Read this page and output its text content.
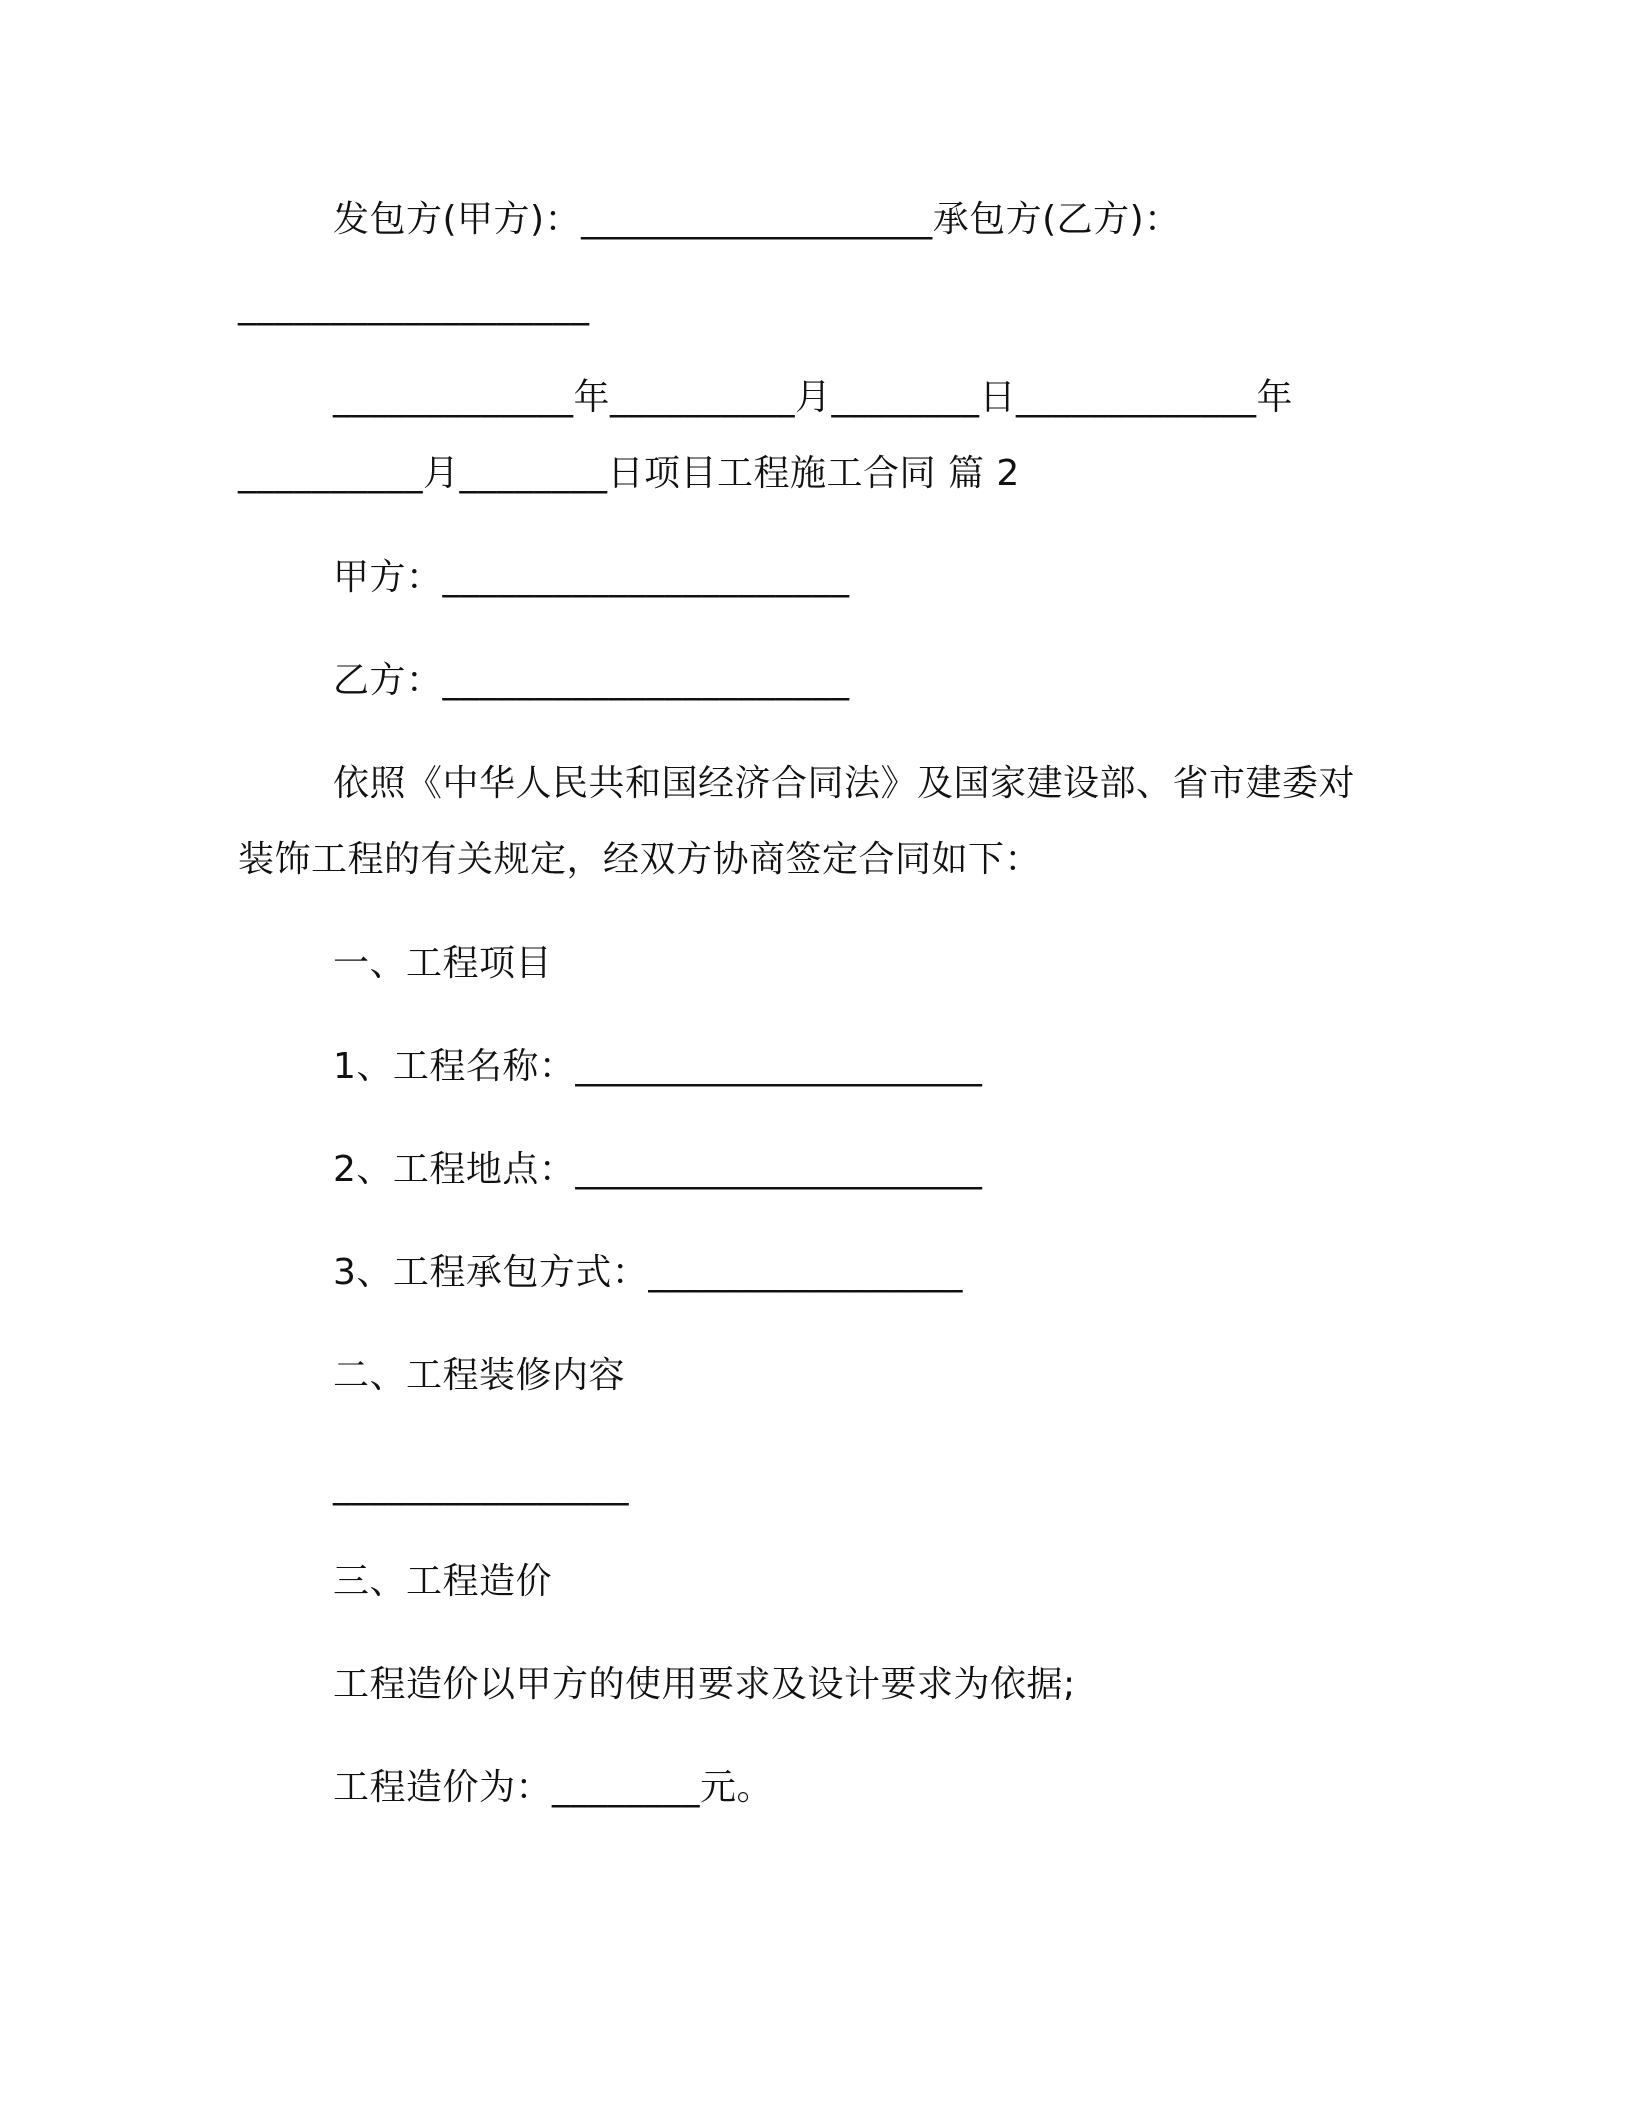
发包方(甲方)：___________________承包方(乙方)：
___________________
_____________年__________月________日_____________年
__________月________日项目工程施工合同 篇 2
甲方：______________________
乙方：______________________
依照《中华人民共和国经济合同法》及国家建设部、省市建委对
装饰工程的有关规定，经双方协商签定合同如下：
一、工程项目
1、工程名称：______________________
2、工程地点：______________________
3、工程承包方式：_________________
二、工程装修内容
________________
三、工程造价
工程造价以甲方的使用要求及设计要求为依据;
工程造价为：________元。
